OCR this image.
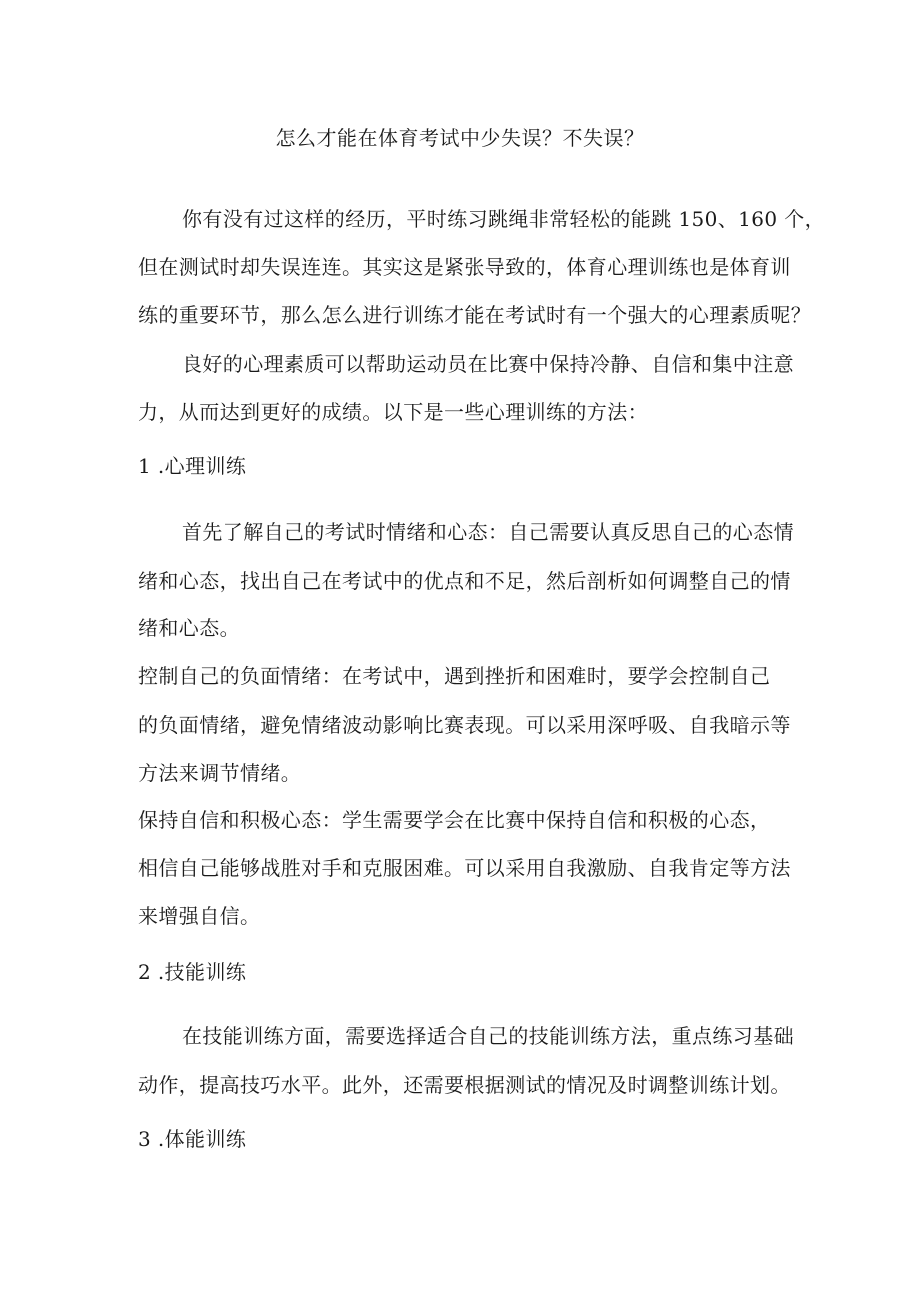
怎么才能在体育考试中少失误？不失误？
你有没有过这样的经历，平时练习跳绳非常轻松的能跳 150、160 个，
但在测试时却失误连连。其实这是紧张导致的，体育心理训练也是体育训
练的重要环节，那么怎么进行训练才能在考试时有一个强大的心理素质呢？
良好的心理素质可以帮助运动员在比赛中保持冷静、自信和集中注意
力，从而达到更好的成绩。以下是一些心理训练的方法：
1 .心理训练
首先了解自己的考试时情绪和心态：自己需要认真反思自己的心态情
绪和心态，找出自己在考试中的优点和不足，然后剖析如何调整自己的情
绪和心态。
控制自己的负面情绪：在考试中，遇到挫折和困难时，要学会控制自己
的负面情绪，避免情绪波动影响比赛表现。可以采用深呼吸、自我暗示等
方法来调节情绪。
保持自信和积极心态：学生需要学会在比赛中保持自信和积极的心态，
相信自己能够战胜对手和克服困难。可以采用自我激励、自我肯定等方法
来增强自信。
2 .技能训练
在技能训练方面，需要选择适合自己的技能训练方法，重点练习基础
动作，提高技巧水平。此外，还需要根据测试的情况及时调整训练计划。
3 .体能训练
